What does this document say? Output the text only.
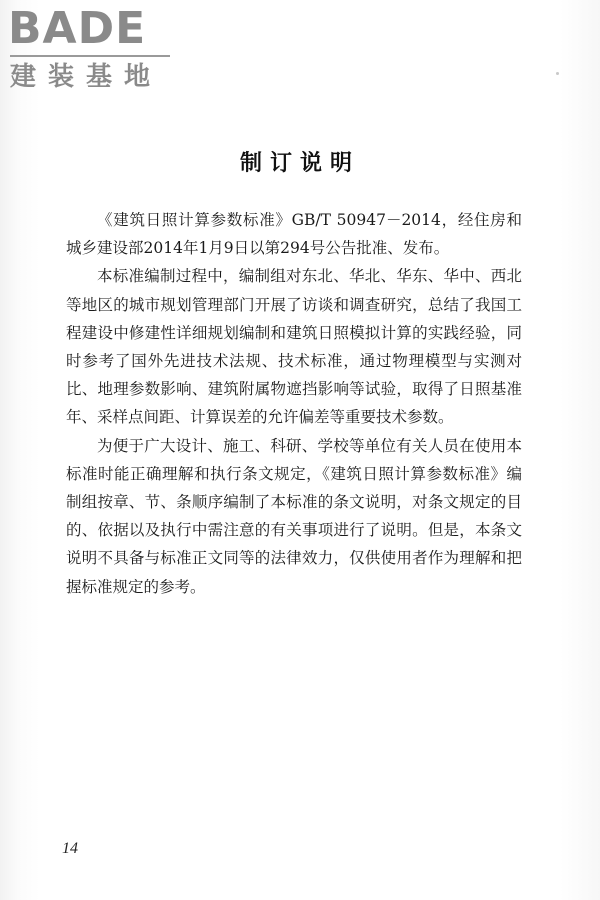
BADE
建装基地
制订说明

《建筑日照计算参数标准》GB/T 50947－2014，经住房和城乡建设部2014年1月9日以第294号公告批准、发布。

本标准编制过程中，编制组对东北、华北、华东、华中、西北等地区的城市规划管理部门开展了访谈和调查研究，总结了我国工程建设中修建性详细规划编制和建筑日照模拟计算的实践经验，同时参考了国外先进技术法规、技术标准，通过物理模型与实测对比、地理参数影响、建筑附属物遮挡影响等试验，取得了日照基准年、采样点间距、计算误差的允许偏差等重要技术参数。

为便于广大设计、施工、科研、学校等单位有关人员在使用本标准时能正确理解和执行条文规定，《建筑日照计算参数标准》编制组按章、节、条顺序编制了本标准的条文说明，对条文规定的目的、依据以及执行中需注意的有关事项进行了说明。但是，本条文说明不具备与标准正文同等的法律效力，仅供使用者作为理解和把握标准规定的参考。

14
